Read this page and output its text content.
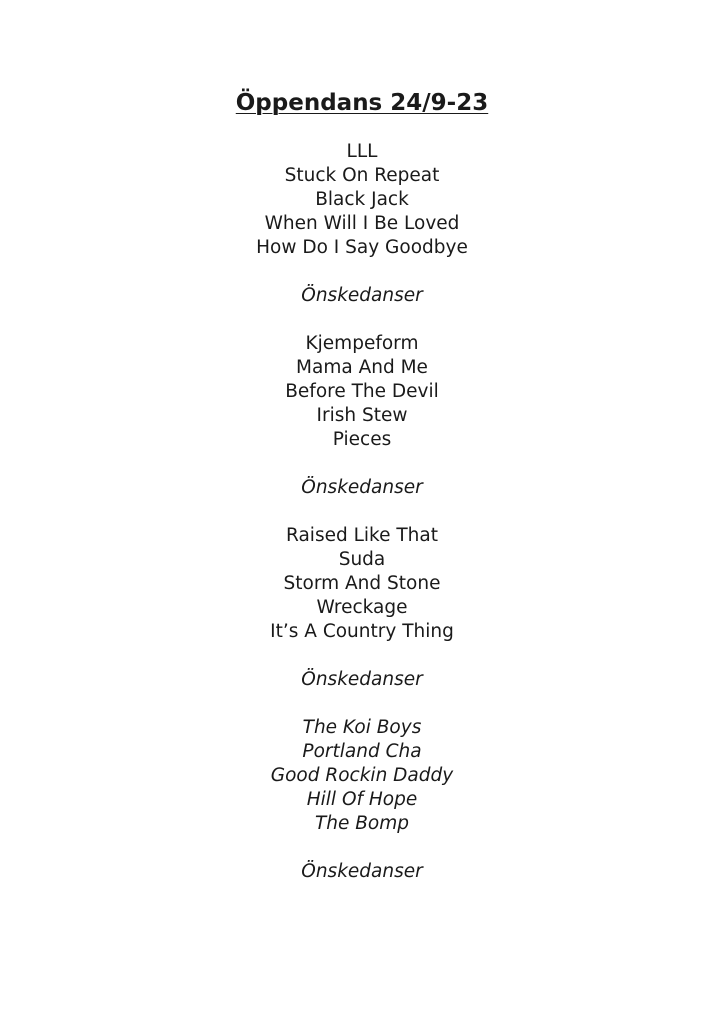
Öppendans 24/9-23
LLL
Stuck On Repeat
Black Jack
When Will I Be Loved
How Do I Say Goodbye
Önskedanser
Kjempeform
Mama And Me
Before The Devil
Irish Stew
Pieces
Önskedanser
Raised Like That
Suda
Storm And Stone
Wreckage
It’s A Country Thing
Önskedanser
The Koi Boys
Portland Cha
Good Rockin Daddy
Hill Of Hope
The Bomp
Önskedanser
